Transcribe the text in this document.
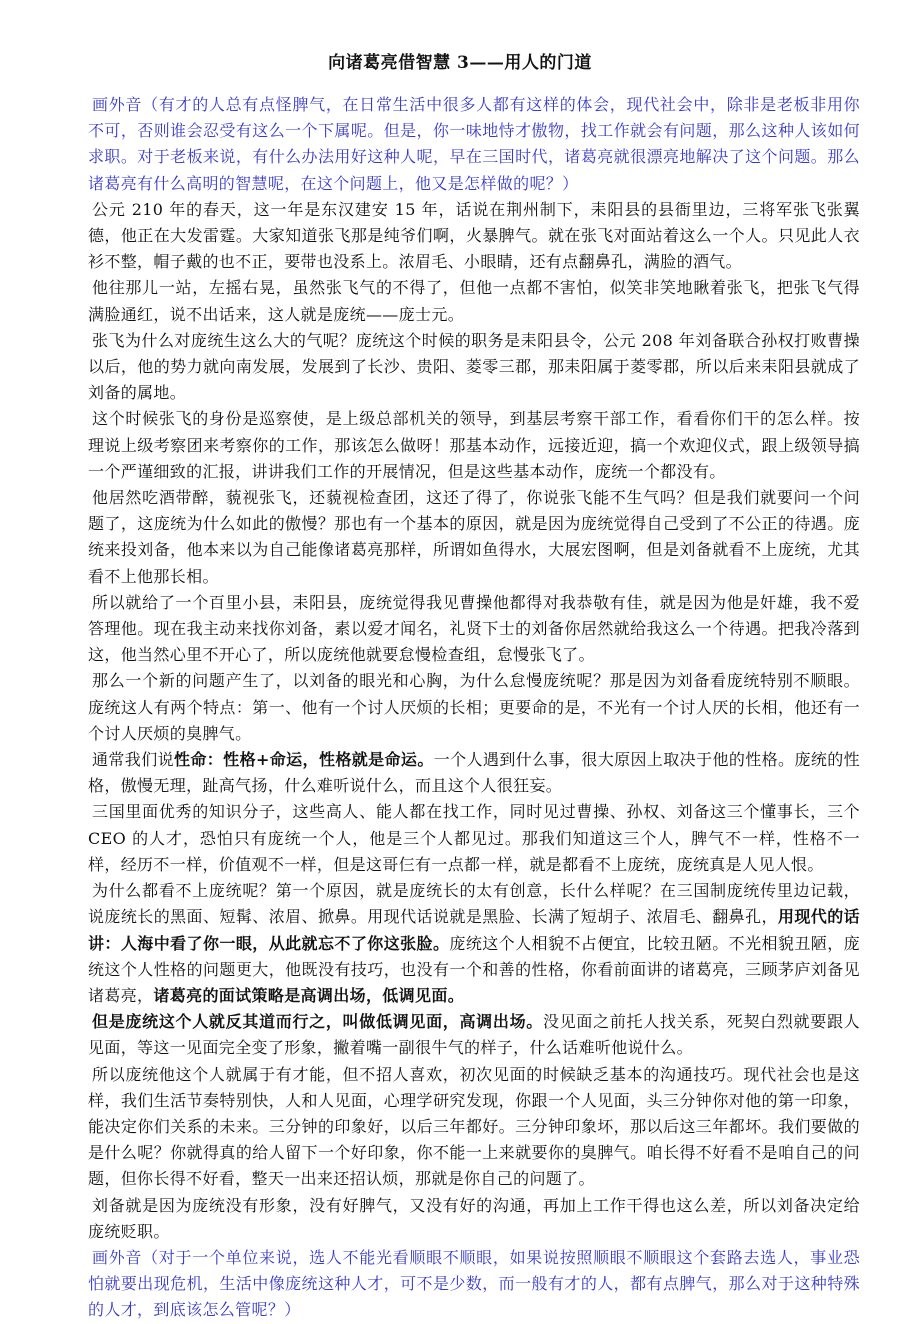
向诸葛亮借智慧 3——用人的门道

画外音（有才的人总有点怪脾气，在日常生活中很多人都有这样的体会，现代社会中，除非是老板非用你不可，否则谁会忍受有这么一个下属呢。但是，你一味地恃才傲物，找工作就会有问题，那么这种人该如何求职。对于老板来说，有什么办法用好这种人呢，早在三国时代，诸葛亮就很漂亮地解决了这个问题。那么诸葛亮有什么高明的智慧呢，在这个问题上，他又是怎样做的呢？）

公元 210 年的春天，这一年是东汉建安 15 年，话说在荆州制下，耒阳县的县衙里边，三将军张飞张翼德，他正在大发雷霆。大家知道张飞那是纯爷们啊，火暴脾气。就在张飞对面站着这么一个人。只见此人衣衫不整，帽子戴的也不正，要带也没系上。浓眉毛、小眼睛，还有点翻鼻孔，满脸的酒气。

他往那儿一站，左摇右晃，虽然张飞气的不得了，但他一点都不害怕，似笑非笑地瞅着张飞，把张飞气得满脸通红，说不出话来，这人就是庞统——庞士元。

张飞为什么对庞统生这么大的气呢？庞统这个时候的职务是耒阳县令，公元 208 年刘备联合孙权打败曹操以后，他的势力就向南发展，发展到了长沙、贵阳、菱零三郡，那耒阳属于菱零郡，所以后来耒阳县就成了刘备的属地。

这个时候张飞的身份是巡察使，是上级总部机关的领导，到基层考察干部工作，看看你们干的怎么样。按理说上级考察团来考察你的工作，那该怎么做呀！那基本动作，远接近迎，搞一个欢迎仪式，跟上级领导搞一个严谨细致的汇报，讲讲我们工作的开展情况，但是这些基本动作，庞统一个都没有。

他居然吃酒带醉，藐视张飞，还藐视检查团，这还了得了，你说张飞能不生气吗？但是我们就要问一个问题了，这庞统为什么如此的傲慢？那也有一个基本的原因，就是因为庞统觉得自己受到了不公正的待遇。庞统来投刘备，他本来以为自己能像诸葛亮那样，所谓如鱼得水，大展宏图啊，但是刘备就看不上庞统，尤其看不上他那长相。

所以就给了一个百里小县，耒阳县，庞统觉得我见曹操他都得对我恭敬有佳，就是因为他是奸雄，我不爱答理他。现在我主动来找你刘备，素以爱才闻名，礼贤下士的刘备你居然就给我这么一个待遇。把我冷落到这，他当然心里不开心了，所以庞统他就要怠慢检查组，怠慢张飞了。

那么一个新的问题产生了，以刘备的眼光和心胸，为什么怠慢庞统呢？那是因为刘备看庞统特别不顺眼。庞统这人有两个特点：第一、他有一个讨人厌烦的长相；更要命的是，不光有一个讨人厌的长相，他还有一个讨人厌烦的臭脾气。

通常我们说性命：性格+命运，性格就是命运。一个人遇到什么事，很大原因上取决于他的性格。庞统的性格，傲慢无理，趾高气扬，什么难听说什么，而且这个人很狂妄。

三国里面优秀的知识分子，这些高人、能人都在找工作，同时见过曹操、孙权、刘备这三个懂事长，三个 CEO 的人才，恐怕只有庞统一个人，他是三个人都见过。那我们知道这三个人，脾气不一样，性格不一样，经历不一样，价值观不一样，但是这哥仨有一点都一样，就是都看不上庞统，庞统真是人见人恨。

为什么都看不上庞统呢？第一个原因，就是庞统长的太有创意，长什么样呢？在三国制庞统传里边记载，说庞统长的黑面、短髯、浓眉、掀鼻。用现代话说就是黑脸、长满了短胡子、浓眉毛、翻鼻孔，用现代的话讲：人海中看了你一眼，从此就忘不了你这张脸。庞统这个人相貌不占便宜，比较丑陋。不光相貌丑陋，庞统这个人性格的问题更大，他既没有技巧，也没有一个和善的性格，你看前面讲的诸葛亮，三顾茅庐刘备见诸葛亮，诸葛亮的面试策略是高调出场，低调见面。

但是庞统这个人就反其道而行之，叫做低调见面，高调出场。没见面之前托人找关系，死契白烈就要跟人见面，等这一见面完全变了形象，撇着嘴一副很牛气的样子，什么话难听他说什么。

所以庞统他这个人就属于有才能，但不招人喜欢，初次见面的时候缺乏基本的沟通技巧。现代社会也是这样，我们生活节奏特别快，人和人见面，心理学研究发现，你跟一个人见面，头三分钟你对他的第一印象，能决定你们关系的未来。三分钟的印象好，以后三年都好。三分钟印象坏，那以后这三年都坏。我们要做的是什么呢？你就得真的给人留下一个好印象，你不能一上来就要你的臭脾气。咱长得不好看不是咱自己的问题，但你长得不好看，整天一出来还招认烦，那就是你自己的问题了。

刘备就是因为庞统没有形象，没有好脾气，又没有好的沟通，再加上工作干得也这么差，所以刘备决定给庞统贬职。

画外音（对于一个单位来说，选人不能光看顺眼不顺眼，如果说按照顺眼不顺眼这个套路去选人，事业恐怕就要出现危机，生活中像庞统这种人才，可不是少数，而一般有才的人，都有点脾气，那么对于这种特殊的人才，到底该怎么管呢？）
